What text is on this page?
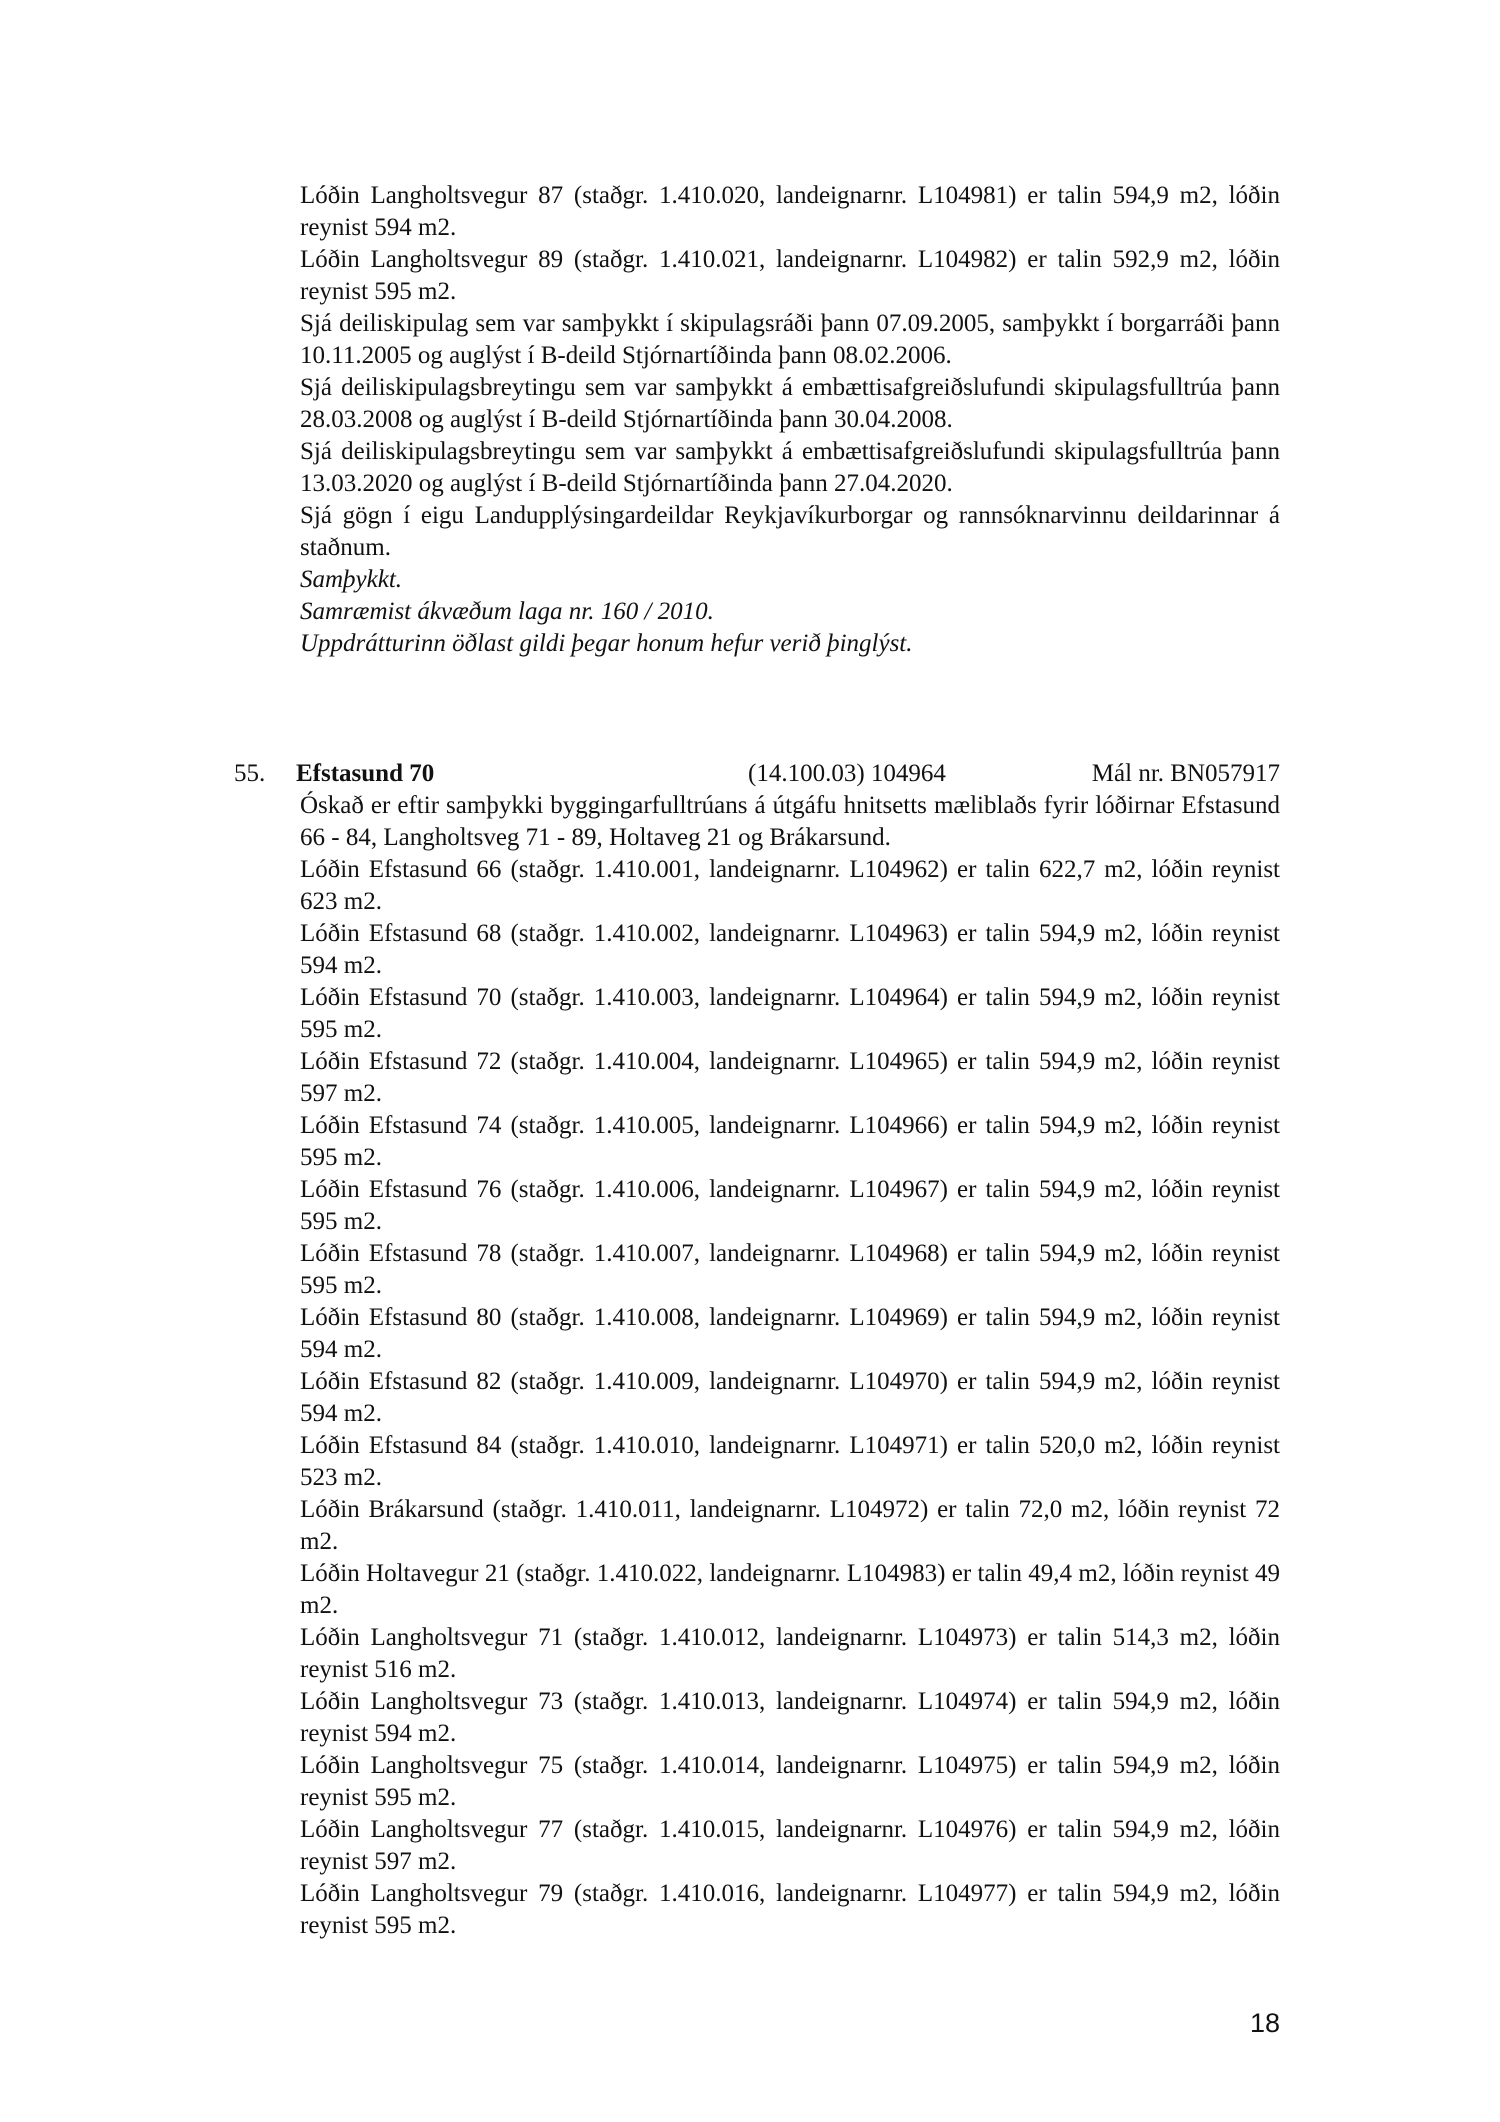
Lóðin Langholtsvegur 87 (staðgr. 1.410.020, landeignarnr. L104981) er talin 594,9 m2, lóðin reynist 594 m2.

Lóðin Langholtsvegur 89 (staðgr. 1.410.021, landeignarnr. L104982) er talin 592,9 m2, lóðin reynist 595 m2.

Sjá deiliskipulag sem var samþykkt í skipulagsráði þann 07.09.2005, samþykkt í borgarráði þann 10.11.2005 og auglýst í B-deild Stjórnartíðinda þann 08.02.2006.

Sjá deiliskipulagsbreytingu sem var samþykkt á embættisafgreiðslufundi skipulagsfulltrúa þann 28.03.2008 og auglýst í B-deild Stjórnartíðinda þann 30.04.2008.

Sjá deiliskipulagsbreytingu sem var samþykkt á embættisafgreiðslufundi skipulagsfulltrúa þann 13.03.2020 og auglýst í B-deild Stjórnartíðinda þann 27.04.2020.

Sjá gögn í eigu Landupplýsingardeildar Reykjavíkurborgar og rannsóknarvinnu deildarinnar á staðnum.

Samþykkt.

Samræmist ákvæðum laga nr. 160 / 2010.

Uppdrátturinn öðlast gildi þegar honum hefur verið þinglýst.

55. Efstasund 70	(14.100.03) 104964	Mál nr. BN057917

Óskað er eftir samþykki byggingarfulltrúans á útgáfu hnitsetts mæliblaðs fyrir lóðirnar Efstasund 66 - 84, Langholtsveg 71 - 89, Holtaveg 21 og Brákarsund.

Lóðin Efstasund 66 (staðgr. 1.410.001, landeignarnr. L104962) er talin 622,7 m2, lóðin reynist 623 m2.

Lóðin Efstasund 68 (staðgr. 1.410.002, landeignarnr. L104963) er talin 594,9 m2, lóðin reynist 594 m2.

Lóðin Efstasund 70 (staðgr. 1.410.003, landeignarnr. L104964) er talin 594,9 m2, lóðin reynist 595 m2.

Lóðin Efstasund 72 (staðgr. 1.410.004, landeignarnr. L104965) er talin 594,9 m2, lóðin reynist 597 m2.

Lóðin Efstasund 74 (staðgr. 1.410.005, landeignarnr. L104966) er talin 594,9 m2, lóðin reynist 595 m2.

Lóðin Efstasund 76 (staðgr. 1.410.006, landeignarnr. L104967) er talin 594,9 m2, lóðin reynist 595 m2.

Lóðin Efstasund 78 (staðgr. 1.410.007, landeignarnr. L104968) er talin 594,9 m2, lóðin reynist 595 m2.

Lóðin Efstasund 80 (staðgr. 1.410.008, landeignarnr. L104969) er talin 594,9 m2, lóðin reynist 594 m2.

Lóðin Efstasund 82 (staðgr. 1.410.009, landeignarnr. L104970) er talin 594,9 m2, lóðin reynist 594 m2.

Lóðin Efstasund 84 (staðgr. 1.410.010, landeignarnr. L104971) er talin 520,0 m2, lóðin reynist 523 m2.

Lóðin Brákarsund (staðgr. 1.410.011, landeignarnr. L104972) er talin 72,0 m2, lóðin reynist 72 m2.

Lóðin Holtavegur 21 (staðgr. 1.410.022, landeignarnr. L104983) er talin 49,4 m2, lóðin reynist 49 m2.

Lóðin Langholtsvegur 71 (staðgr. 1.410.012, landeignarnr. L104973) er talin 514,3 m2, lóðin reynist 516 m2.

Lóðin Langholtsvegur 73 (staðgr. 1.410.013, landeignarnr. L104974) er talin 594,9 m2, lóðin reynist 594 m2.

Lóðin Langholtsvegur 75 (staðgr. 1.410.014, landeignarnr. L104975) er talin 594,9 m2, lóðin reynist 595 m2.

Lóðin Langholtsvegur 77 (staðgr. 1.410.015, landeignarnr. L104976) er talin 594,9 m2, lóðin reynist 597 m2.

Lóðin Langholtsvegur 79 (staðgr. 1.410.016, landeignarnr. L104977) er talin 594,9 m2, lóðin reynist 595 m2.

18
